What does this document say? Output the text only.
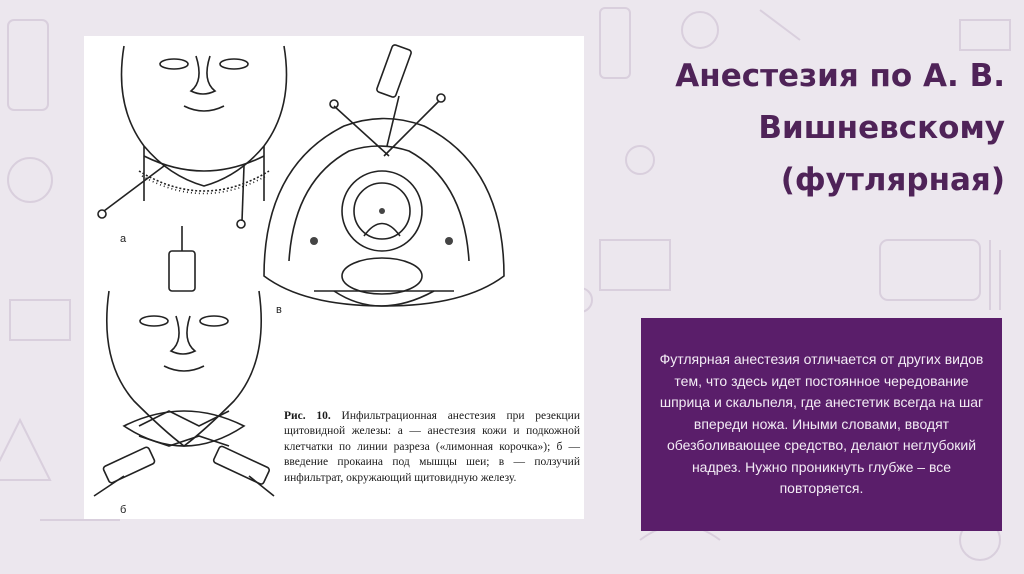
а
б
в
Рис. 10. Инфильтрационная анестезия при резекции щитовидной железы: а — анестезия кожи и подкожной клетчатки по линии разреза («лимонная корочка»); б — введение прокаина под мышцы шеи; в — ползучий инфильтрат, окружающий щитовидную железу.
Анестезия по А. В. Вишневскому (футлярная)

Футлярная анестезия отличается от других видов тем, что здесь идет постоянное чередование шприца и скальпеля, где анестетик всегда на шаг впереди ножа. Иными словами, вводят обезболивающее средство, делают неглубокий надрез. Нужно проникнуть глубже – все повторяется.
